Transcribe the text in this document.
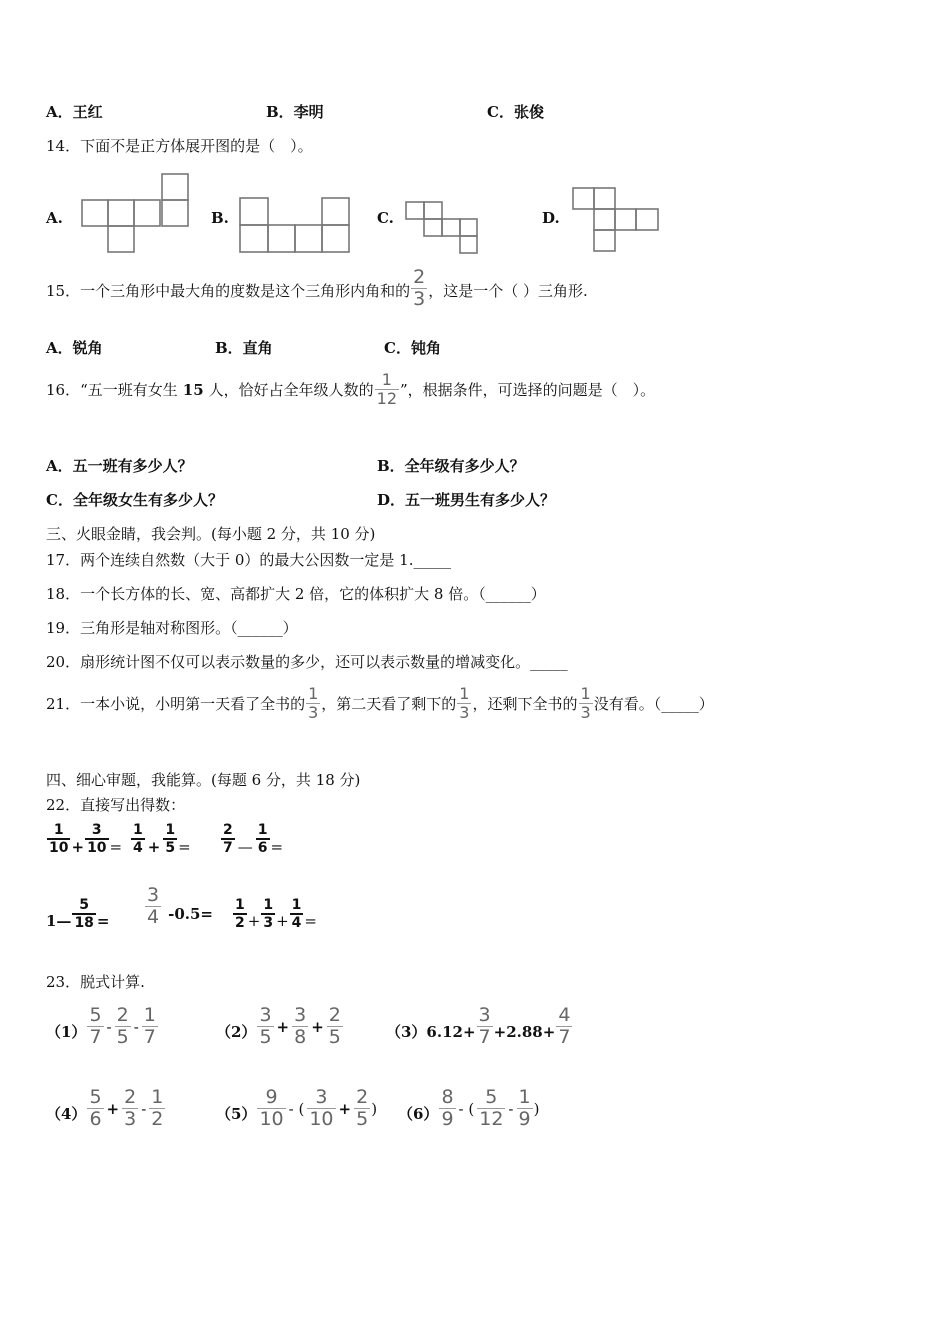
A．王红	B．李明	C．张俊
14．下面不是正方体展开图的是（　）。
A.	B.	C.	D.
15．一个三角形中最大角的度数是这个三角形内角和的 $\frac{2}{3}$ ，这是一个（ ）三角形.
A．锐角	B．直角	C．钝角
16．“五一班有女生 15 人，恰好占全年级人数的 $\frac{1}{12}$ ”，根据条件，可选择的问题是（　）。
A．五一班有多少人？	B．全年级有多少人？
C．全年级女生有多少人？	D．五一班男生有多少人？
三、火眼金睛，我会判。(每小题 2 分，共 10 分)
17．两个连续自然数（大于 0）的最大公因数一定是 1._____
18．一个长方体的长、宽、高都扩大 2 倍，它的体积扩大 8 倍。（______）
19．三角形是轴对称图形。（______）
20．扇形统计图不仅可以表示数量的多少，还可以表示数量的增减变化。_____
21．一本小说，小明第一天看了全书的 $\frac{1}{3}$ ，第二天看了剩下的 $\frac{1}{3}$ ，还剩下全书的 $\frac{1}{3}$ 没有看。（_____）
四、细心审题，我能算。(每题 6 分，共 18 分)
22．直接写出得数：
$\frac{1}{10} + \frac{3}{10} = \frac{1}{4} + \frac{1}{5} = \frac{2}{7}$ — $\frac{1}{6}$ =
1— $\frac{5}{18} = \frac{3}{4} -0.5= \frac{1}{2} + \frac{1}{3} + \frac{1}{4}$ =
23．脱式计算.
$(1) \frac{5}{7} - \frac{2}{5} - \frac{1}{7}$	$(2) \frac{3}{5} + \frac{3}{8} + \frac{2}{5}$	$(3)6.12+ \frac{3}{7} +2.88+ \frac{4}{7}$
$(4) \frac{5}{6} + \frac{2}{3} - \frac{1}{2}$	$(5) \frac{9}{10}$ - ( $\frac{3}{10} + \frac{2}{5}$ ) $(6) \frac{8}{9}$ - ( $\frac{5}{12} - \frac{1}{9}$ )
